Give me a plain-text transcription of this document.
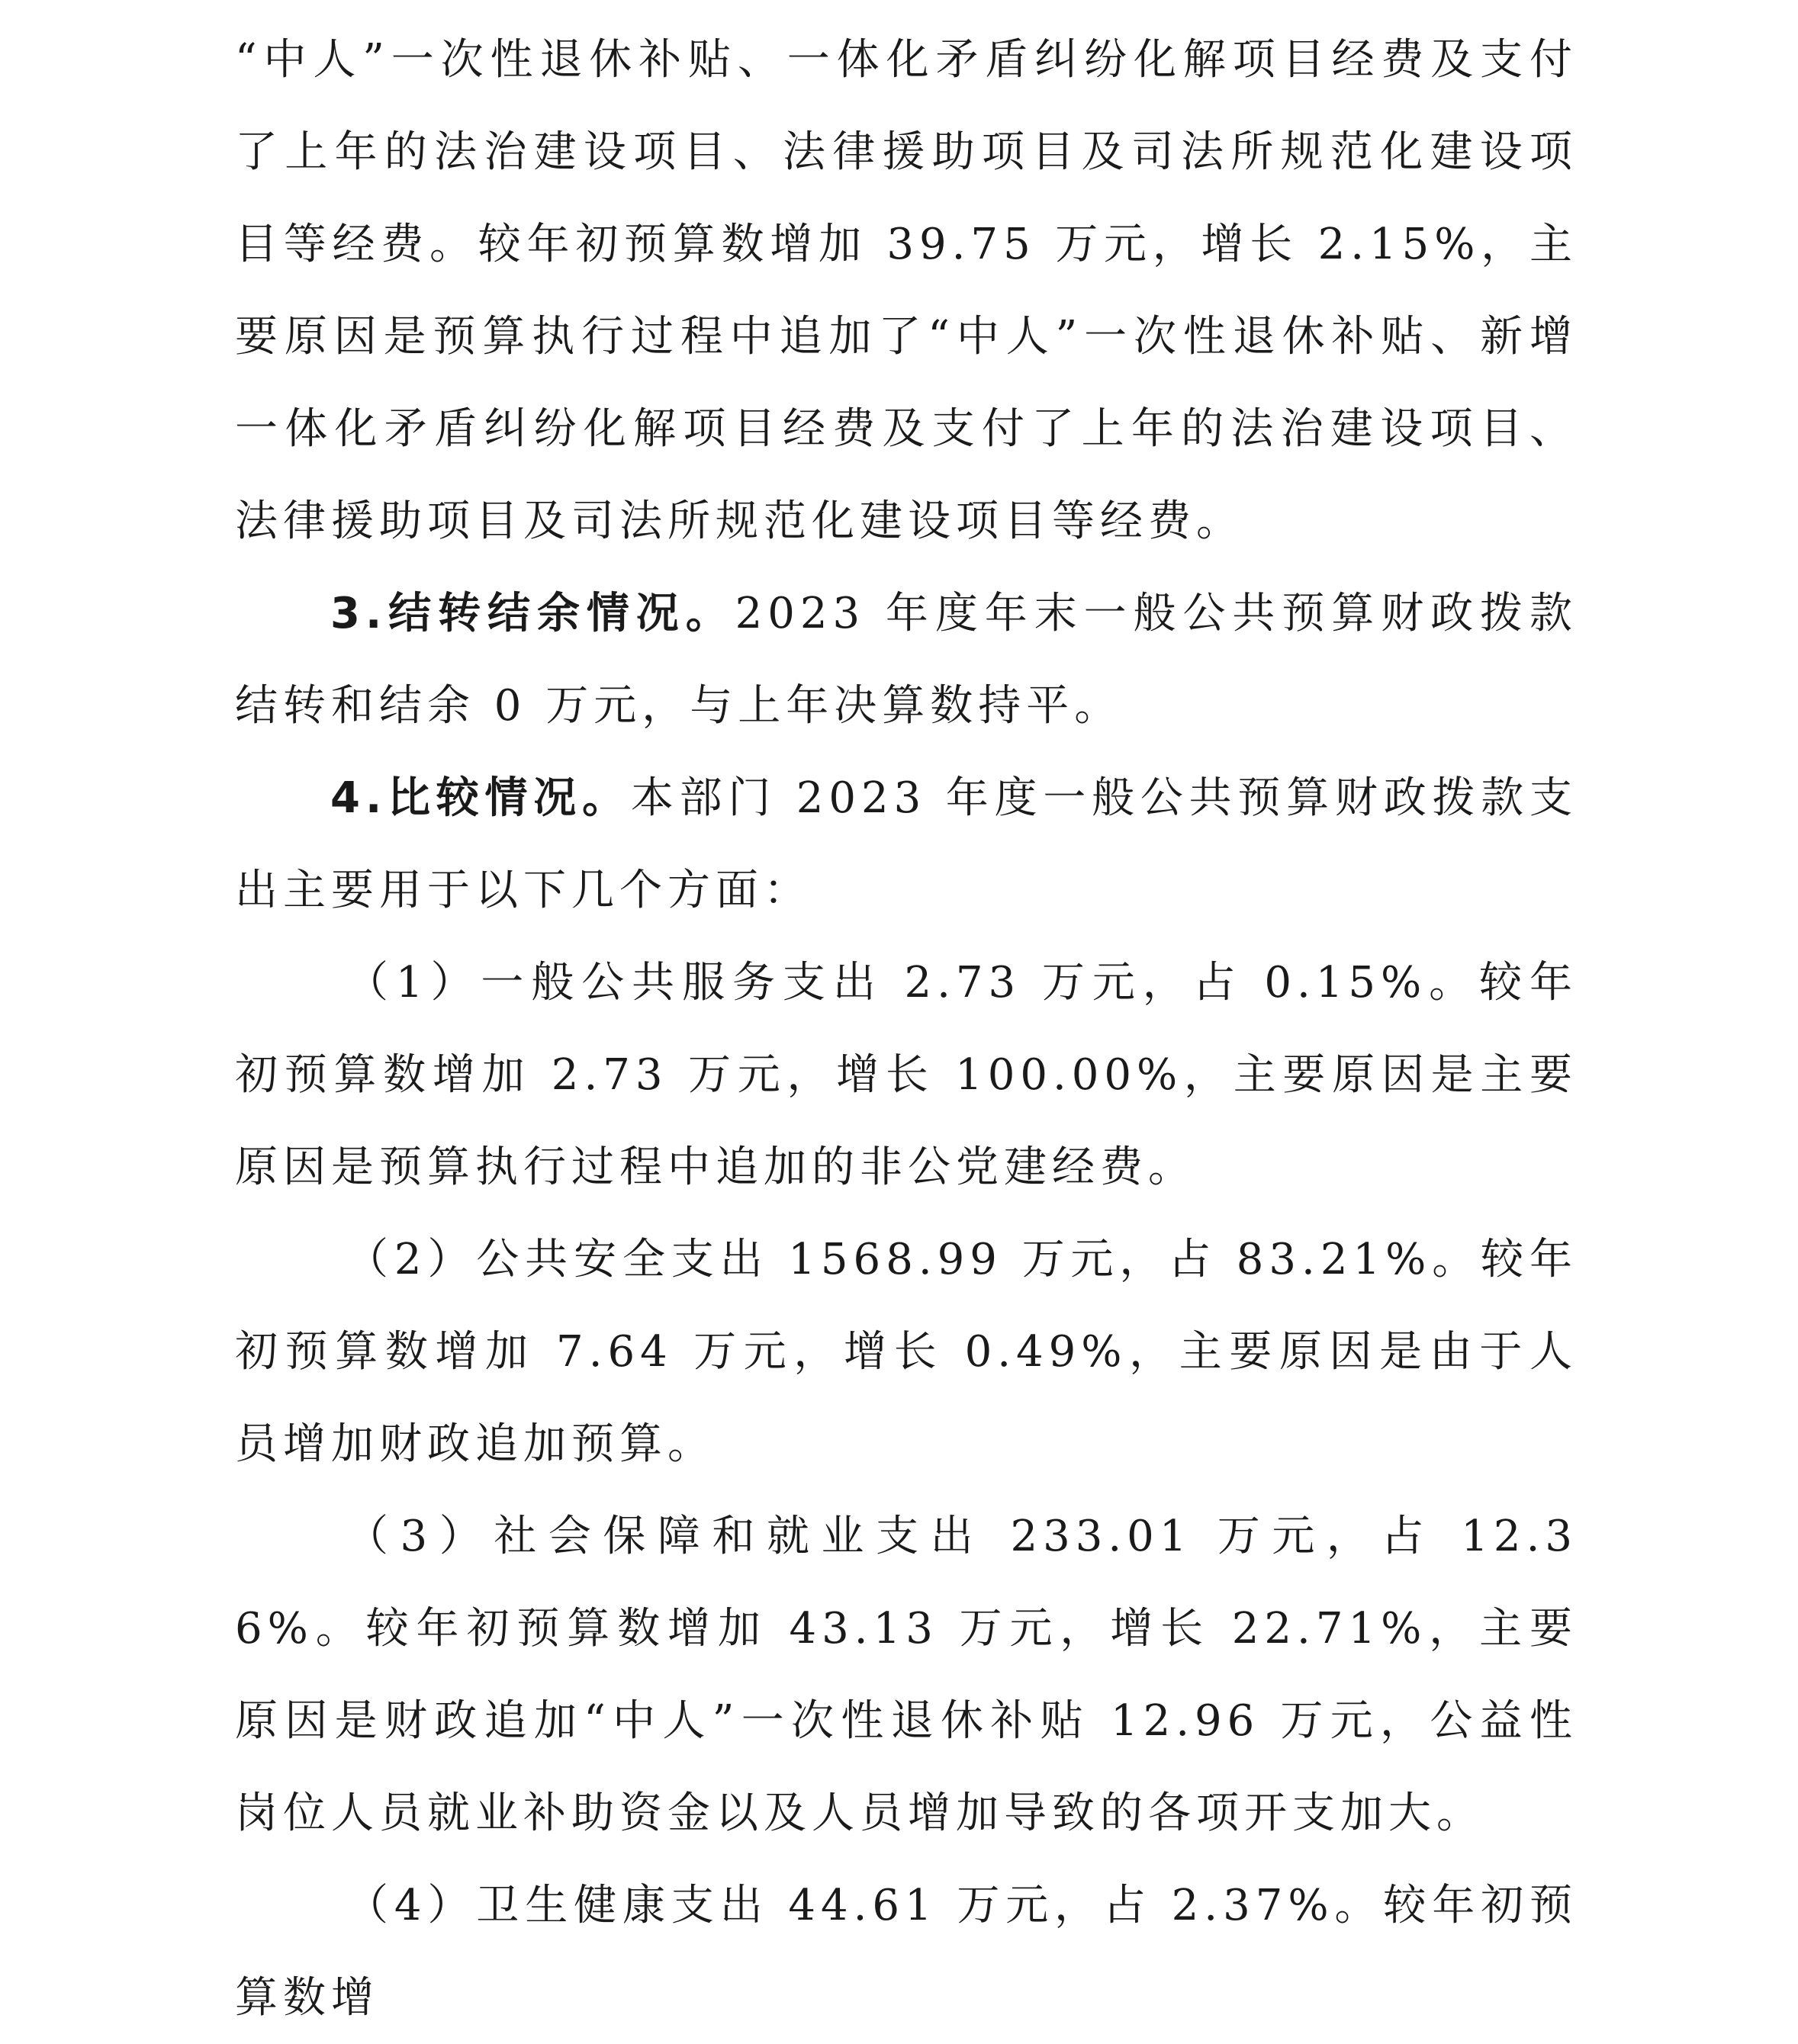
“中人”一次性退休补贴、一体化矛盾纠纷化解项目经费及支付了上年的法治建设项目、法律援助项目及司法所规范化建设项目等经费。较年初预算数增加 39.75 万元，增长 2.15%，主要原因是预算执行过程中追加了“中人”一次性退休补贴、新增一体化矛盾纠纷化解项目经费及支付了上年的法治建设项目、法律援助项目及司法所规范化建设项目等经费。

3.结转结余情况。2023 年度年末一般公共预算财政拨款结转和结余 0 万元，与上年决算数持平。

4.比较情况。本部门 2023 年度一般公共预算财政拨款支出主要用于以下几个方面：

（1）一般公共服务支出 2.73 万元，占 0.15%。较年初预算数增加 2.73 万元，增长 100.00%，主要原因是主要原因是预算执行过程中追加的非公党建经费。

（2）公共安全支出 1568.99 万元，占 83.21%。较年初预算数增加 7.64 万元，增长 0.49%，主要原因是由于人员增加财政追加预算。

（3）社会保障和就业支出 233.01 万元，占 12.36%。较年初预算数增加 43.13 万元，增长 22.71%，主要原因是财政追加“中人”一次性退休补贴 12.96 万元，公益性岗位人员就业补助资金以及人员增加导致的各项开支加大。

（4）卫生健康支出 44.61 万元，占 2.37%。较年初预算数增
